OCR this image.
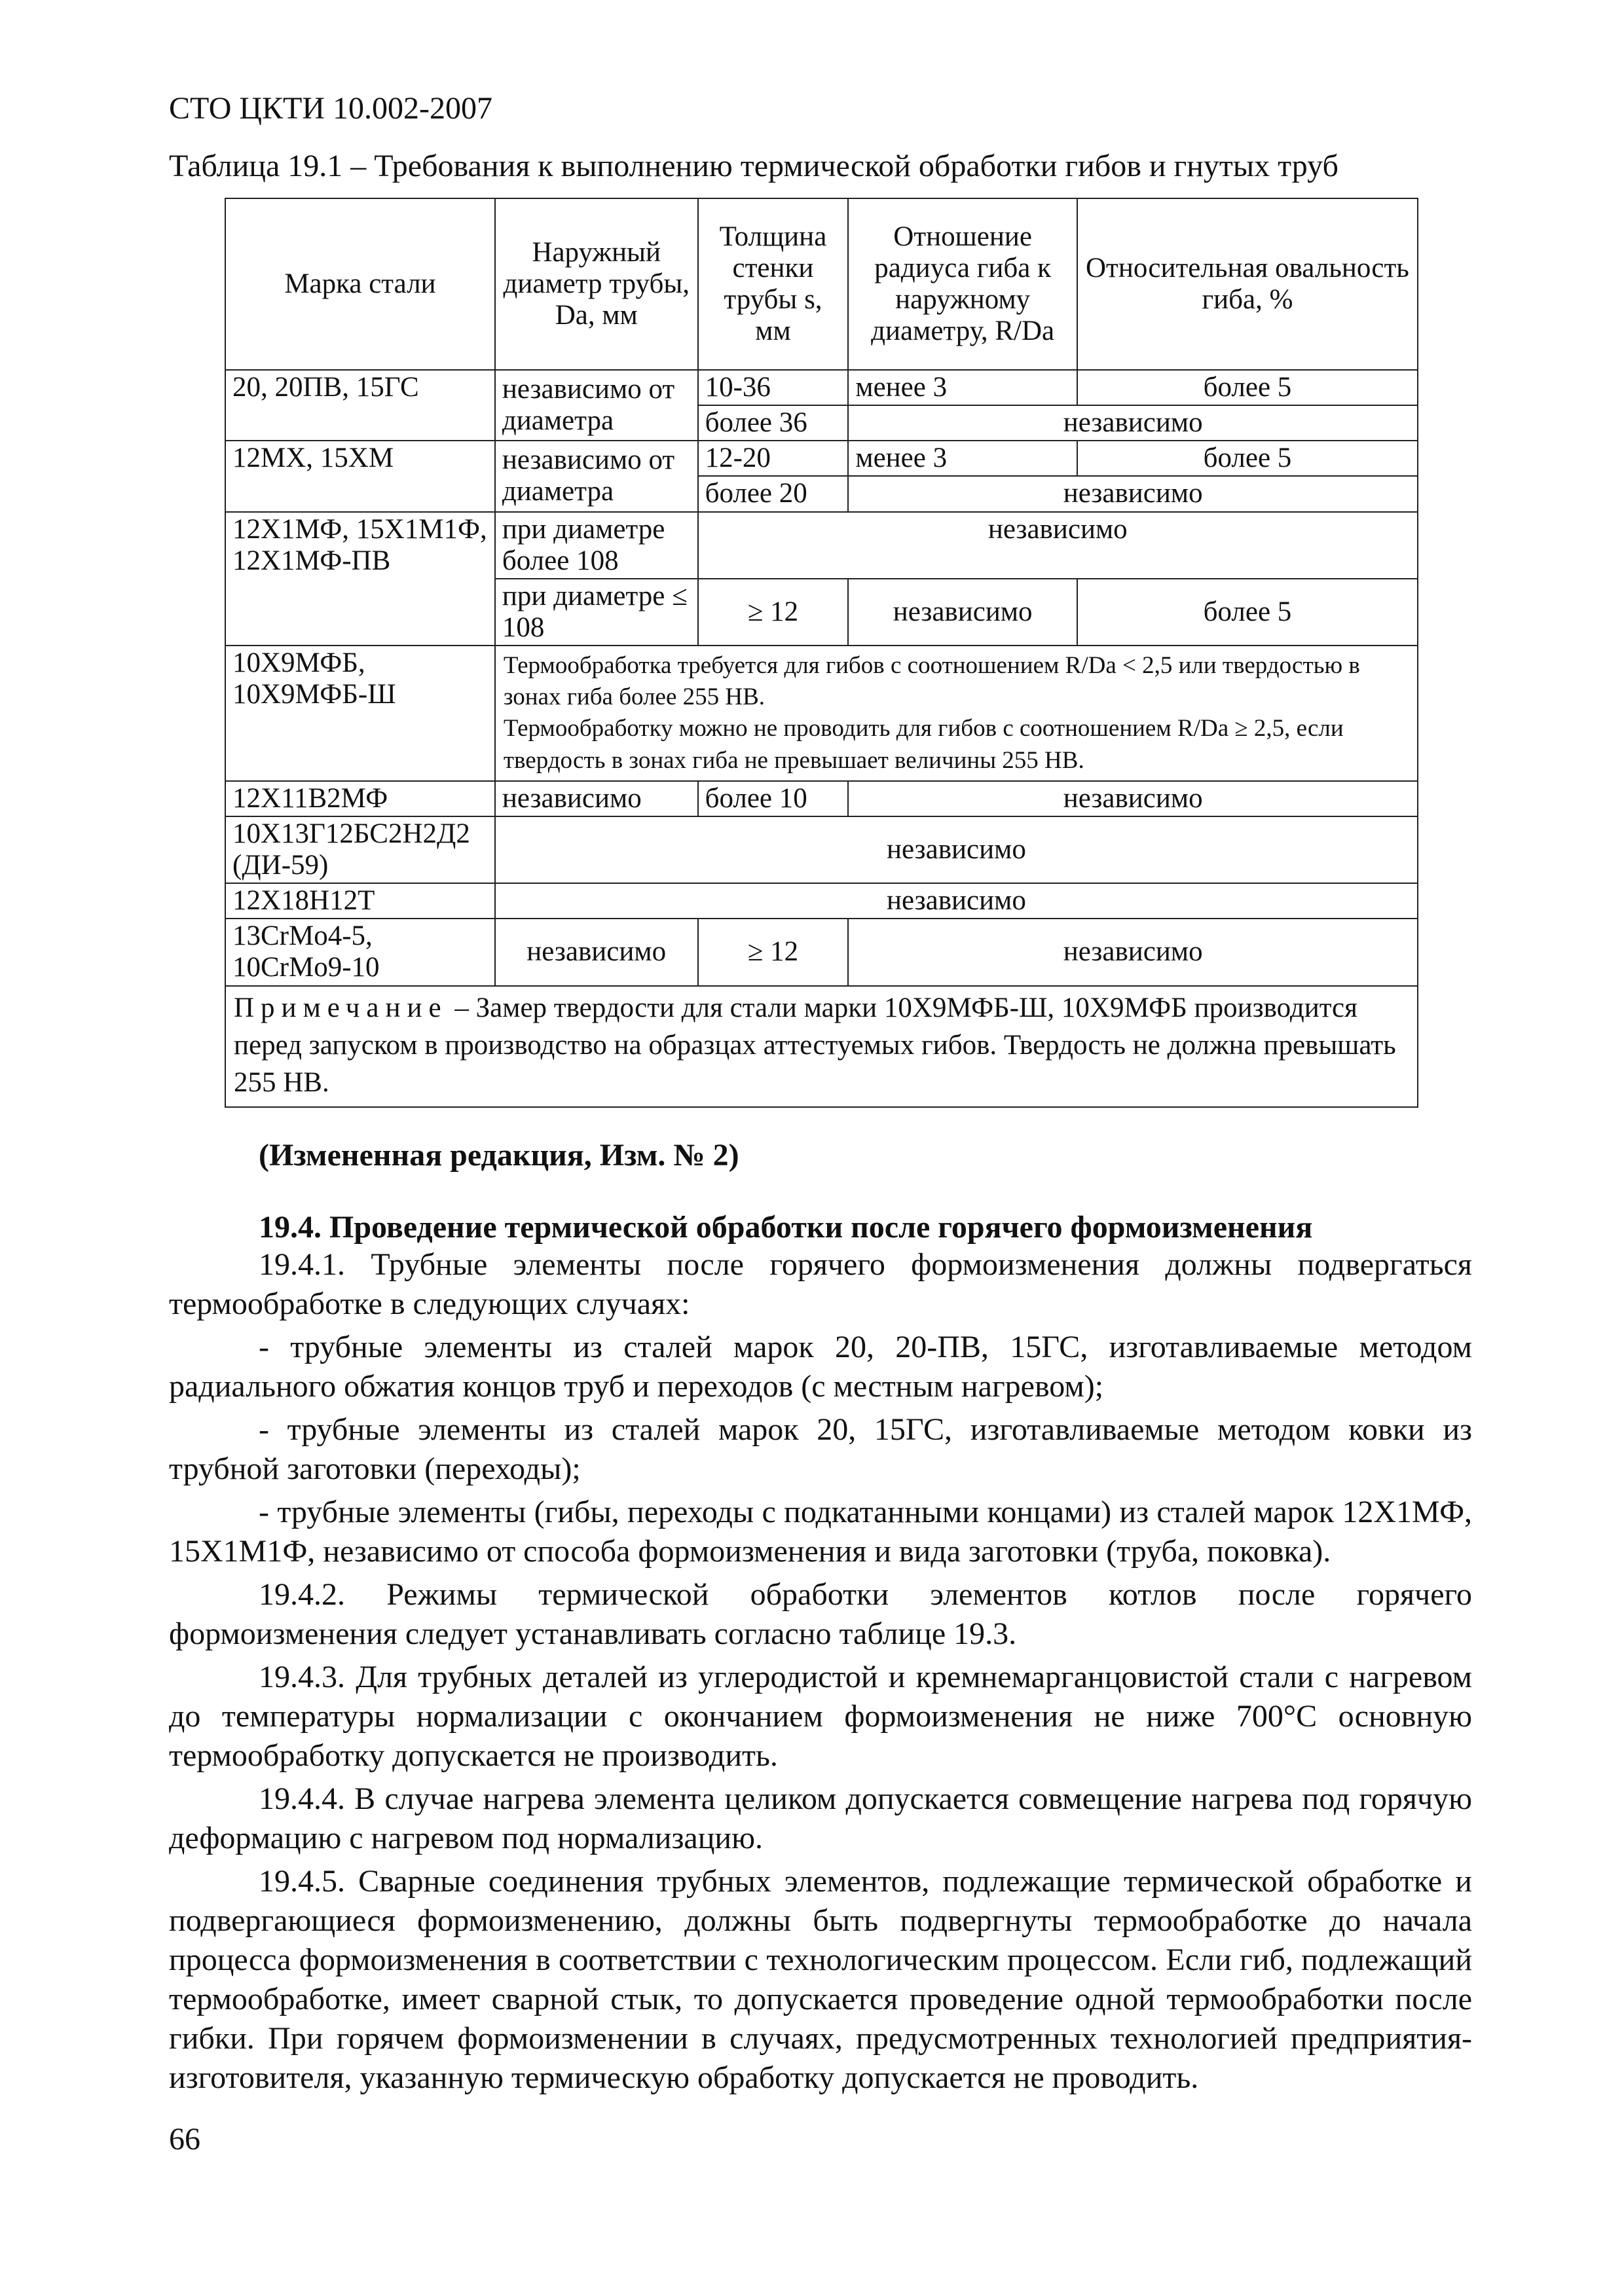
СТО ЦКТИ 10.002-2007
Таблица 19.1 – Требования к выполнению термической обработки гибов и гнутых труб
Марка стали	Наружный диаметр трубы, Da, мм	Толщина стенки трубы s, мм	Отношение радиуса гиба к наружному диаметру, R/Da	Относительная овальность гиба, %
20, 20ПВ, 15ГС	независимо от диаметра	10-36	менее 3	более 5
		более 36	независимо	
12МХ, 15ХМ	независимо от диаметра	12-20	менее 3	более 5
		более 20	независимо	
12Х1МФ, 15Х1М1Ф, 12Х1МФ-ПВ	при диаметре более 108	независимо		
	при диаметре ≤ 108	≥ 12	независимо	более 5
10Х9МФБ, 10Х9МФБ-Ш	Термообработка требуется для гибов с соотношением R/Da < 2,5 или твердостью в зонах гиба более 255 НВ.
Термообработку можно не проводить для гибов с соотношением R/Da ≥ 2,5, если твердость в зонах гиба не превышает величины 255 НВ.			

12Х11В2МФ	независимо	более 10	независимо	
10Х13Г12БС2Н2Д2 (ДИ-59)	независимо			
12Х18Н12Т	независимо			
13CrMo4-5, 10CrMo9-10	независимо	≥ 12	независимо	
Примечание – Замер твердости для стали марки 10Х9МФБ-Ш, 10Х9МФБ производится перед запуском в производство на образцах аттестуемых гибов. Твердость не должна превышать 255 НВ.				
(Измененная редакция, Изм. № 2)
19.4. Проведение термической обработки после горячего формоизменения

19.4.1. Трубные элементы после горячего формоизменения должны подвергаться термообработке в следующих случаях:

- трубные элементы из сталей марок 20, 20-ПВ, 15ГС, изготавливаемые методом радиального обжатия концов труб и переходов (с местным нагревом);

- трубные элементы из сталей марок 20, 15ГС, изготавливаемые методом ковки из трубной заготовки (переходы);

- трубные элементы (гибы, переходы с подкатанными концами) из сталей марок 12Х1МФ, 15Х1М1Ф, независимо от способа формоизменения и вида заготовки (труба, поковка).

19.4.2. Режимы термической обработки элементов котлов после горячего формоизменения следует устанавливать согласно таблице 19.3.

19.4.3. Для трубных деталей из углеродистой и кремнемарганцовистой стали с нагревом до температуры нормализации с окончанием формоизменения не ниже 700°С основную термообработку допускается не производить.

19.4.4. В случае нагрева элемента целиком допускается совмещение нагрева под горячую деформацию с нагревом под нормализацию.

19.4.5. Сварные соединения трубных элементов, подлежащие термической обработке и подвергающиеся формоизменению, должны быть подвергнуты термообработке до начала процесса формоизменения в соответствии с технологическим процессом. Если гиб, подлежащий термообработке, имеет сварной стык, то допускается проведение одной термообработки после гибки. При горячем формоизменении в случаях, предусмотренных технологией предприятия-изготовителя, указанную термическую обработку допускается не проводить.

66
